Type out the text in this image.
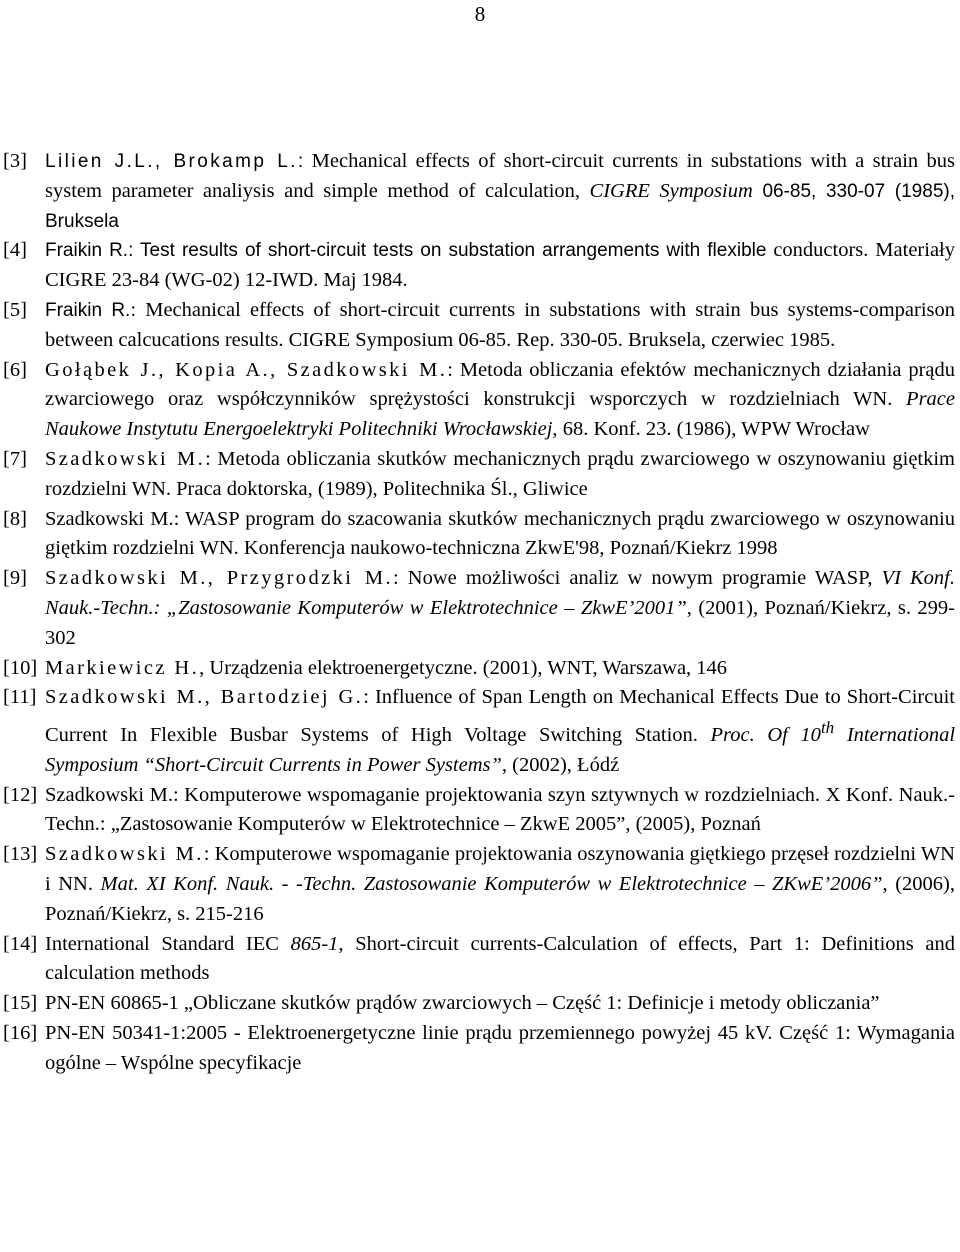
8
[3] Lilien J.L., Brokamp L.: Mechanical effects of short-circuit currents in substations with a strain bus system parameter analiysis and simple method of calculation, CIGRE Symposium 06-85, 330-07 (1985), Bruksela
[4] Fraikin R.: Test results of short-circuit tests on substation arrangements with flexible conductors. Materiały CIGRE 23-84 (WG-02) 12-IWD. Maj 1984.
[5] Fraikin R.: Mechanical effects of short-circuit currents in substations with strain bus systems-comparison between calcucations results. CIGRE Symposium 06-85. Rep. 330-05. Bruksela, czerwiec 1985.
[6] Gołąbek J., Kopia A., Szadkowski M.: Metoda obliczania efektów mechanicznych działania prądu zwarciowego oraz współczynników sprężystości konstrukcji wsporczych w rozdzielniach WN. Prace Naukowe Instytutu Energoelektryki Politechniki Wrocławskiej, 68. Konf. 23. (1986), WPW Wrocław
[7] Szadkowski M.: Metoda obliczania skutków mechanicznych prądu zwarciowego w oszynowaniu giętkim rozdzielni WN. Praca doktorska, (1989), Politechnika Śl., Gliwice
[8] Szadkowski M.: WASP program do szacowania skutków mechanicznych prądu zwarciowego w oszynowaniu giętkim rozdzielni WN. Konferencja naukowo-techniczna ZkwE'98, Poznań/Kiekrz 1998
[9] Szadkowski M., Przygrodzki M.: Nowe możliwości analiz w nowym programie WASP, VI Konf. Nauk.-Techn.: „Zastosowanie Komputerów w Elektrotechnice – ZkwE’2001”, (2001), Poznań/Kiekrz, s. 299-302
[10] Markiewicz H., Urządzenia elektroenergetyczne. (2001), WNT, Warszawa, 146
[11] Szadkowski M., Bartodziej G.: Influence of Span Length on Mechanical Effects Due to Short-Circuit Current In Flexible Busbar Systems of High Voltage Switching Station. Proc. Of 10th International Symposium “Short-Circuit Currents in Power Systems”, (2002), Łódź
[12] Szadkowski M.: Komputerowe wspomaganie projektowania szyn sztywnych w rozdzielniach. X Konf. Nauk.-Techn.: „Zastosowanie Komputerów w Elektrotechnice – ZkwE 2005”, (2005), Poznań
[13] Szadkowski M.: Komputerowe wspomaganie projektowania oszynowania giętkiego przęseł rozdzielni WN i NN. Mat. XI Konf. Nauk. - -Techn. Zastosowanie Komputerów w Elektrotechnice – ZKwE’2006”, (2006), Poznań/Kiekrz, s. 215-216
[14] International Standard IEC 865-1, Short-circuit currents-Calculation of effects, Part 1: Definitions and calculation methods
[15] PN-EN 60865-1 „Obliczane skutków prądów zwarciowych – Część 1: Definicje i metody obliczania”
[16] PN-EN 50341-1:2005 - Elektroenergetyczne linie prądu przemiennego powyżej 45 kV. Część 1: Wymagania ogólne – Wspólne specyfikacje
